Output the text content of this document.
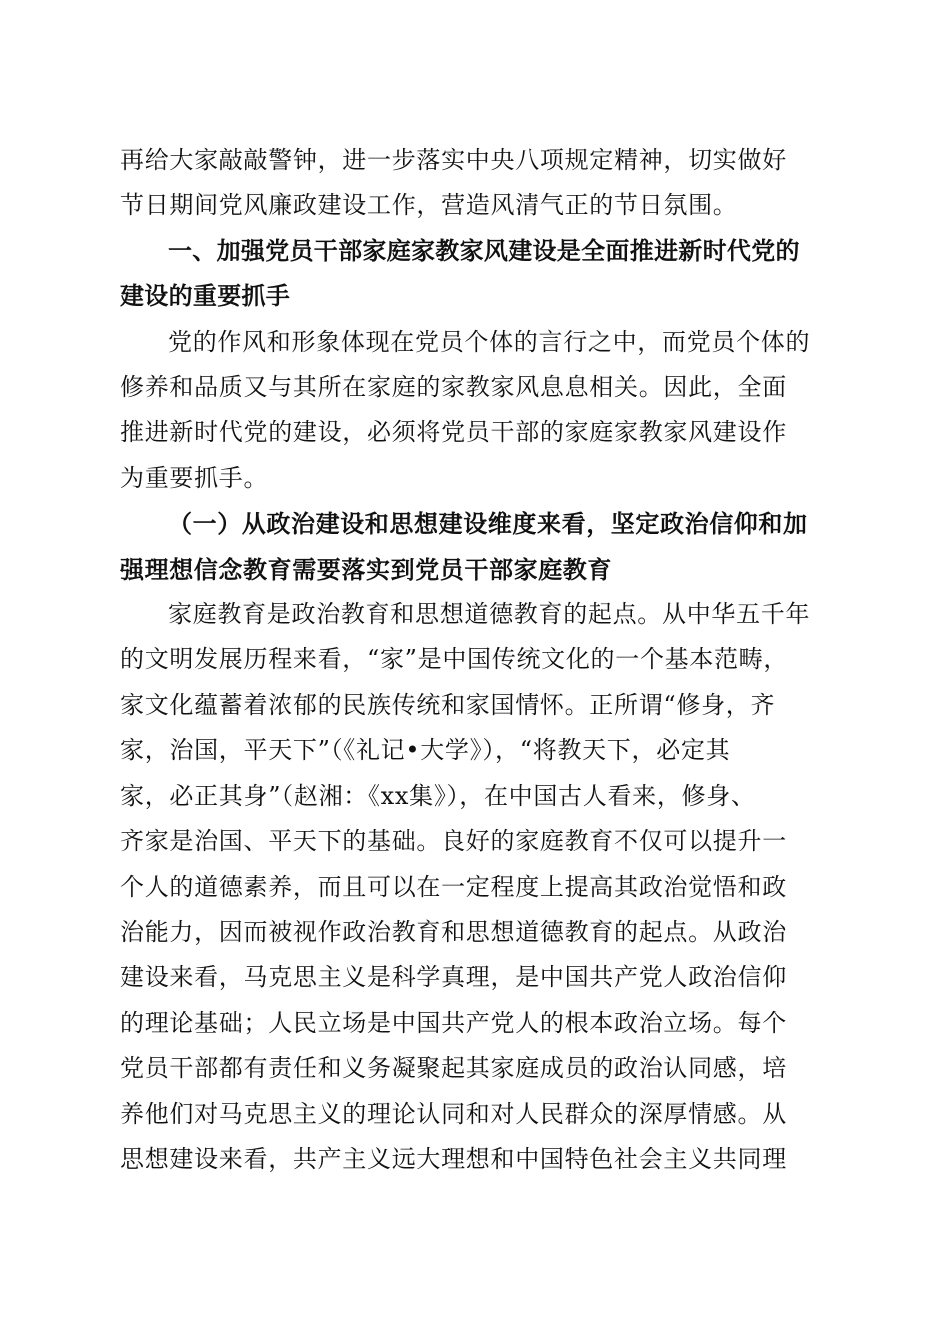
再给大家敲敲警钟，进一步落实中央八项规定精神，切实做好
节日期间党风廉政建设工作，营造风清气正的节日氛围。

一、加强党员干部家庭家教家风建设是全面推进新时代党的
建设的重要抓手

党的作风和形象体现在党员个体的言行之中，而党员个体的
修养和品质又与其所在家庭的家教家风息息相关。因此，全面
推进新时代党的建设，必须将党员干部的家庭家教家风建设作
为重要抓手。

（一）从政治建设和思想建设维度来看，坚定政治信仰和加
强理想信念教育需要落实到党员干部家庭教育

家庭教育是政治教育和思想道德教育的起点。从中华五千年
的文明发展历程来看，“家”是中国传统文化的一个基本范畴，
家文化蕴蓄着浓郁的民族传统和家国情怀。正所谓“修身，齐
家，治国，平天下”（《礼记•大学》），“将教天下，必定其
家，必正其身”（赵湘：《xx集》），在中国古人看来，修身、
齐家是治国、平天下的基础。良好的家庭教育不仅可以提升一
个人的道德素养，而且可以在一定程度上提高其政治觉悟和政
治能力，因而被视作政治教育和思想道德教育的起点。从政治
建设来看，马克思主义是科学真理，是中国共产党人政治信仰
的理论基础；人民立场是中国共产党人的根本政治立场。每个
党员干部都有责任和义务凝聚起其家庭成员的政治认同感，培
养他们对马克思主义的理论认同和对人民群众的深厚情感。从
思想建设来看，共产主义远大理想和中国特色社会主义共同理
